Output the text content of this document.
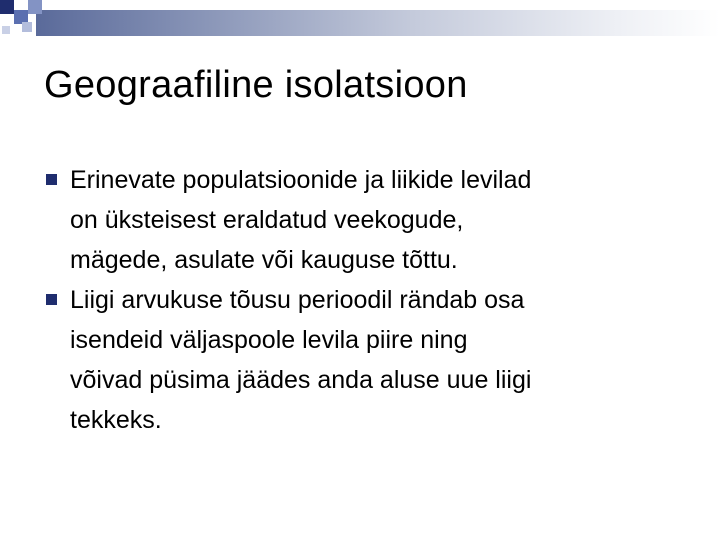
Geograafiline isolatsioon
Erinevate populatsioonide ja liikide levilad
on üksteisest eraldatud veekogude,
mägede, asulate või kauguse tõttu.
Liigi arvukuse tõusu perioodil rändab osa
isendeid väljaspoole levila piire ning
võivad püsima jäädes anda aluse uue liigi
tekkeks.
